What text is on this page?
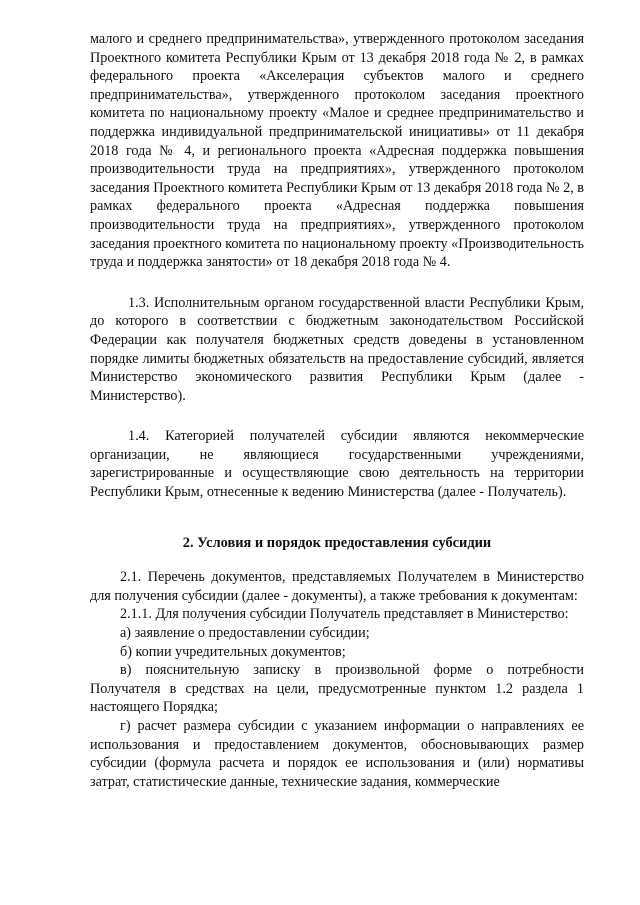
малого и среднего предпринимательства», утвержденного протоколом заседания Проектного комитета Республики Крым от 13 декабря 2018 года № 2, в рамках федерального проекта «Акселерация субъектов малого и среднего предпринимательства», утвержденного протоколом заседания проектного комитета по национальному проекту «Малое и среднее предпринимательство и поддержка индивидуальной предпринимательской инициативы» от 11 декабря 2018 года № 4, и регионального проекта «Адресная поддержка повышения производительности труда на предприятиях», утвержденного протоколом заседания Проектного комитета Республики Крым от 13 декабря 2018 года № 2, в рамках федерального проекта «Адресная поддержка повышения производительности труда на предприятиях», утвержденного протоколом заседания проектного комитета по национальному проекту «Производительность труда и поддержка занятости» от 18 декабря 2018 года № 4.

1.3. Исполнительным органом государственной власти Республики Крым, до которого в соответствии с бюджетным законодательством Российской Федерации как получателя бюджетных средств доведены в установленном порядке лимиты бюджетных обязательств на предоставление субсидий, является Министерство экономического развития Республики Крым (далее - Министерство).

1.4. Категорией получателей субсидии являются некоммерческие организации, не являющиеся государственными учреждениями, зарегистрированные и осуществляющие свою деятельность на территории Республики Крым, отнесенные к ведению Министерства (далее - Получатель).

2. Условия и порядок предоставления субсидии

2.1. Перечень документов, представляемых Получателем в Министерство для получения субсидии (далее - документы), а также требования к документам:

2.1.1. Для получения субсидии Получатель представляет в Министерство:

а) заявление о предоставлении субсидии;

б) копии учредительных документов;

в) пояснительную записку в произвольной форме о потребности Получателя в средствах на цели, предусмотренные пунктом 1.2 раздела 1 настоящего Порядка;

г) расчет размера субсидии с указанием информации о направлениях ее использования и предоставлением документов, обосновывающих размер субсидии (формула расчета и порядок ее использования и (или) нормативы затрат, статистические данные, технические задания, коммерческие
